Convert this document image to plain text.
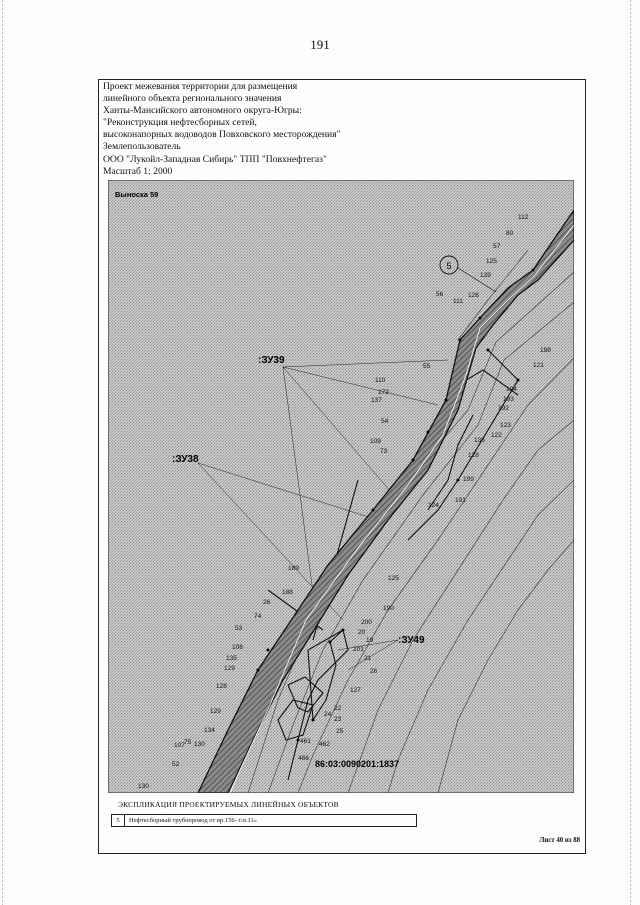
191
Проект межевания территории для размещения
линейного объекта регионального значения
Ханты-Мансийского автономного округа-Югры:
"Реконструкция нефтесборных сетей,
высоконапорных водоводов Повховского месторождения"
Землепользователь
ООО "Лукойл-Западная Сибирь" ТПП "Повхнефтегаз"
Масштаб 1: 2000
5
Выноска 59
:ЗУ39
:ЗУ38
:ЗУ49
86:03:0090201:1837
112
80
57
125
139
126
111
56
198
121
55
110
172
137
194
193
192
123
122
54
109
73
136
128
199
191
124
189
26
188
74
53
125
190
200
20
19
108
135
129
201
21
26
128
127
129	22
23
24
25
134
107 75 130	461 462
52
466
130
ЭКСПЛИКАЦИЯ ПРОЕКТИРУЕМЫХ ЛИНЕЙНЫХ ОБЪЕКТОВ
5	Нефтесборный трубопровод от вр.156- т.п.11»
Лист 40 из 88
